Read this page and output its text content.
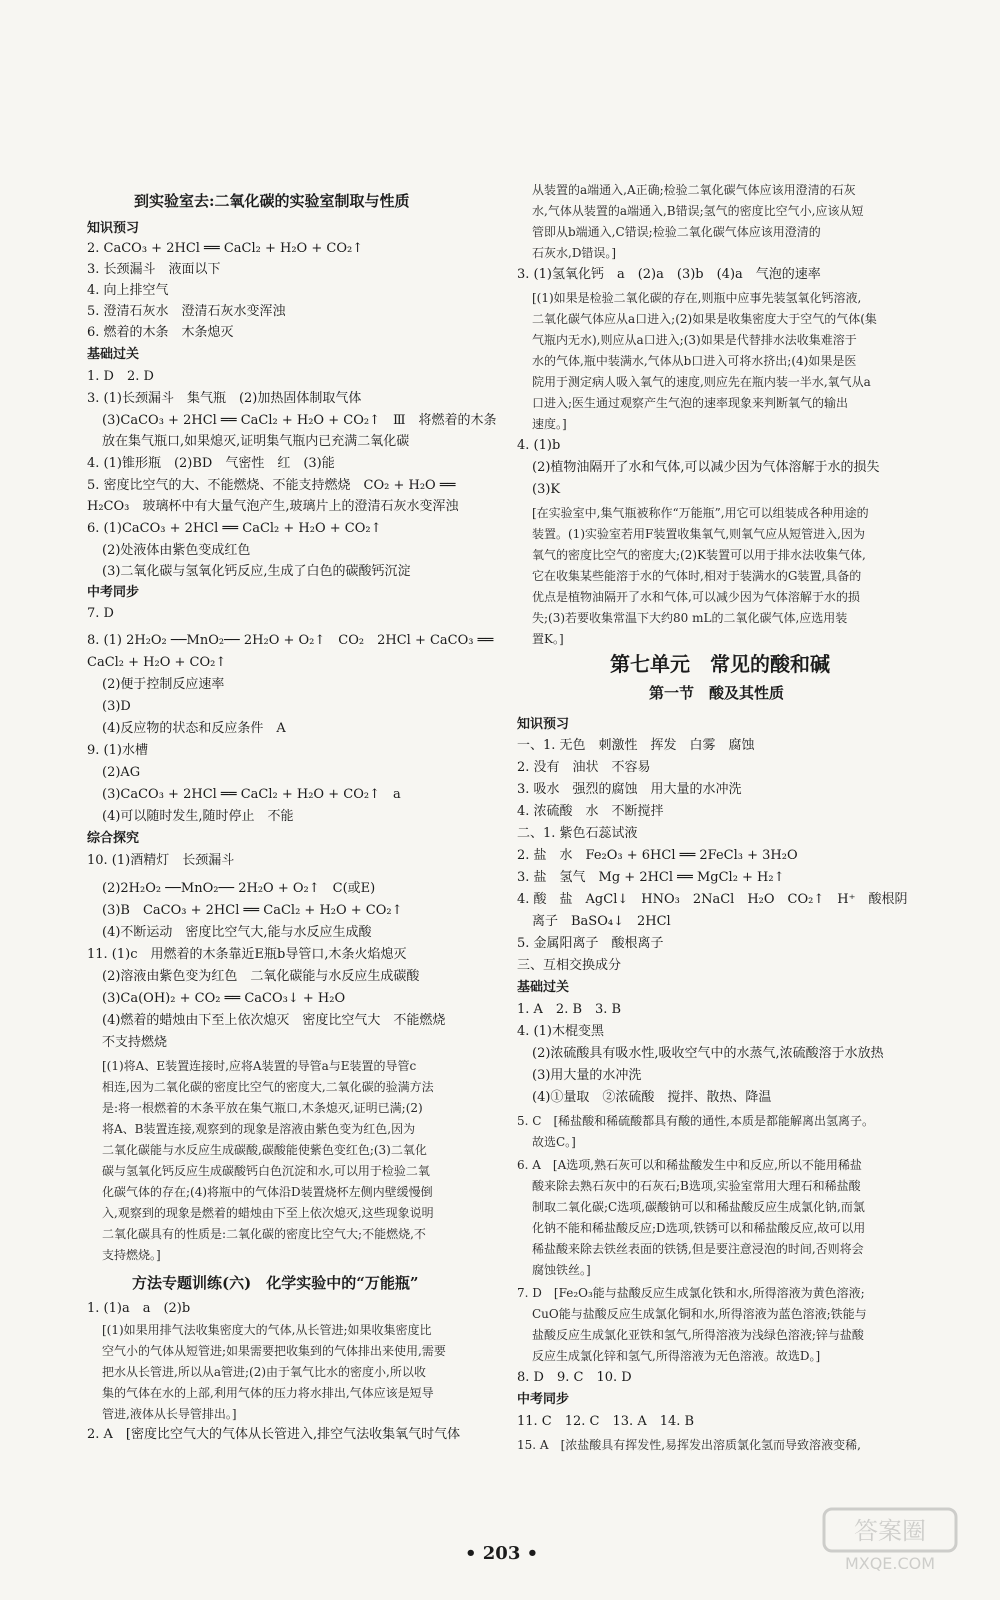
到实验室去:二氧化碳的实验室制取与性质
知识预习
2. CaCO₃ + 2HCl ══ CaCl₂ + H₂O + CO₂↑
3. 长颈漏斗　液面以下
4. 向上排空气
5. 澄清石灰水　澄清石灰水变浑浊
6. 燃着的木条　木条熄灭
基础过关
1. D　2. D
3. (1)长颈漏斗　集气瓶　(2)加热固体制取气体
(3)CaCO₃ + 2HCl ══ CaCl₂ + H₂O + CO₂↑　Ⅲ　将燃着的木条
放在集气瓶口,如果熄灭,证明集气瓶内已充满二氧化碳
4. (1)锥形瓶　(2)BD　气密性　红　(3)能
5. 密度比空气的大、不能燃烧、不能支持燃烧　CO₂ + H₂O ══
H₂CO₃　玻璃杯中有大量气泡产生,玻璃片上的澄清石灰水变浑浊
6. (1)CaCO₃ + 2HCl ══ CaCl₂ + H₂O + CO₂↑
(2)处液体由紫色变成红色
(3)二氧化碳与氢氧化钙反应,生成了白色的碳酸钙沉淀
中考同步
7. D
8. (1) 2H₂O₂ ──MnO₂── 2H₂O + O₂↑　CO₂　2HCl + CaCO₃ ══
CaCl₂ + H₂O + CO₂↑
(2)便于控制反应速率
(3)D
(4)反应物的状态和反应条件　A
9. (1)水槽
(2)AG
(3)CaCO₃ + 2HCl ══ CaCl₂ + H₂O + CO₂↑　a
(4)可以随时发生,随时停止　不能
综合探究
10. (1)酒精灯　长颈漏斗
(2)2H₂O₂ ──MnO₂── 2H₂O + O₂↑　C(或E)
(3)B　CaCO₃ + 2HCl ══ CaCl₂ + H₂O + CO₂↑
(4)不断运动　密度比空气大,能与水反应生成酸
11. (1)c　用燃着的木条靠近E瓶b导管口,木条火焰熄灭
(2)溶液由紫色变为红色　二氧化碳能与水反应生成碳酸
(3)Ca(OH)₂ + CO₂ ══ CaCO₃↓ + H₂O
(4)燃着的蜡烛由下至上依次熄灭　密度比空气大　不能燃烧
不支持燃烧
[(1)将A、E装置连接时,应将A装置的导管a与E装置的导管c
相连,因为二氧化碳的密度比空气的密度大,二氧化碳的验满方法
是:将一根燃着的木条平放在集气瓶口,木条熄灭,证明已满;(2)
将A、B装置连接,观察到的现象是溶液由紫色变为红色,因为
二氧化碳能与水反应生成碳酸,碳酸能使紫色变红色;(3)二氧化
碳与氢氧化钙反应生成碳酸钙白色沉淀和水,可以用于检验二氧
化碳气体的存在;(4)将瓶中的气体沿D装置烧杯左侧内壁缓慢倒
入,观察到的现象是燃着的蜡烛由下至上依次熄灭,这些现象说明
二氧化碳具有的性质是:二氧化碳的密度比空气大;不能燃烧,不
支持燃烧。]
方法专题训练(六)　化学实验中的“万能瓶”
1. (1)a　a　(2)b
[(1)如果用排气法收集密度大的气体,从长管进;如果收集密度比
空气小的气体从短管进;如果需要把收集到的气体排出来使用,需要
把水从长管进,所以从a管进;(2)由于氧气比水的密度小,所以收
集的气体在水的上部,利用气体的压力将水排出,气体应该是短导
管进,液体从长导管排出。]
2. A　[密度比空气大的气体从长管进入,排空气法收集氧气时气体
从装置的a端通入,A正确;检验二氧化碳气体应该用澄清的石灰
水,气体从装置的a端通入,B错误;氢气的密度比空气小,应该从短
管即从b端通入,C错误;检验二氧化碳气体应该用澄清的
石灰水,D错误。]
3. (1)氢氧化钙　a　(2)a　(3)b　(4)a　气泡的速率
[(1)如果是检验二氧化碳的存在,则瓶中应事先装氢氧化钙溶液,
二氧化碳气体应从a口进入;(2)如果是收集密度大于空气的气体(集
气瓶内无水),则应从a口进入;(3)如果是代替排水法收集难溶于
水的气体,瓶中装满水,气体从b口进入可将水挤出;(4)如果是医
院用于测定病人吸入氧气的速度,则应先在瓶内装一半水,氧气从a
口进入;医生通过观察产生气泡的速率现象来判断氧气的输出
速度。]
4. (1)b
(2)植物油隔开了水和气体,可以减少因为气体溶解于水的损失
(3)K
[在实验室中,集气瓶被称作“万能瓶”,用它可以组装成各种用途的
装置。(1)实验室若用F装置收集氧气,则氧气应从短管进入,因为
氧气的密度比空气的密度大;(2)K装置可以用于排水法收集气体,
它在收集某些能溶于水的气体时,相对于装满水的G装置,具备的
优点是植物油隔开了水和气体,可以减少因为气体溶解于水的损
失;(3)若要收集常温下大约80 mL的二氧化碳气体,应选用装
置K。]
第七单元　常见的酸和碱
第一节　酸及其性质
知识预习
一、1. 无色　刺激性　挥发　白雾　腐蚀
2. 没有　油状　不容易
3. 吸水　强烈的腐蚀　用大量的水冲洗
4. 浓硫酸　水　不断搅拌
二、1. 紫色石蕊试液
2. 盐　水　Fe₂O₃ + 6HCl ══ 2FeCl₃ + 3H₂O
3. 盐　氢气　Mg + 2HCl ══ MgCl₂ + H₂↑
4. 酸　盐　AgCl↓　HNO₃　2NaCl　H₂O　CO₂↑　H⁺　酸根阴
离子　BaSO₄↓　2HCl
5. 金属阳离子　酸根离子
三、互相交换成分
基础过关
1. A　2. B　3. B
4. (1)木棍变黑
(2)浓硫酸具有吸水性,吸收空气中的水蒸气,浓硫酸溶于水放热
(3)用大量的水冲洗
(4)①量取　②浓硫酸　搅拌、散热、降温
5. C　[稀盐酸和稀硫酸都具有酸的通性,本质是都能解离出氢离子。
故选C。]
6. A　[A选项,熟石灰可以和稀盐酸发生中和反应,所以不能用稀盐
酸来除去熟石灰中的石灰石;B选项,实验室常用大理石和稀盐酸
制取二氧化碳;C选项,碳酸钠可以和稀盐酸反应生成氯化钠,而氯
化钠不能和稀盐酸反应;D选项,铁锈可以和稀盐酸反应,故可以用
稀盐酸来除去铁丝表面的铁锈,但是要注意浸泡的时间,否则将会
腐蚀铁丝。]
7. D　[Fe₂O₃能与盐酸反应生成氯化铁和水,所得溶液为黄色溶液;
CuO能与盐酸反应生成氯化铜和水,所得溶液为蓝色溶液;铁能与
盐酸反应生成氯化亚铁和氢气,所得溶液为浅绿色溶液;锌与盐酸
反应生成氯化锌和氢气,所得溶液为无色溶液。故选D。]
8. D　9. C　10. D
中考同步
11. C　12. C　13. A　14. B
15. A　[浓盐酸具有挥发性,易挥发出溶质氯化氢而导致溶液变稀,
• 203 •
答案圈
MXQE.COM
